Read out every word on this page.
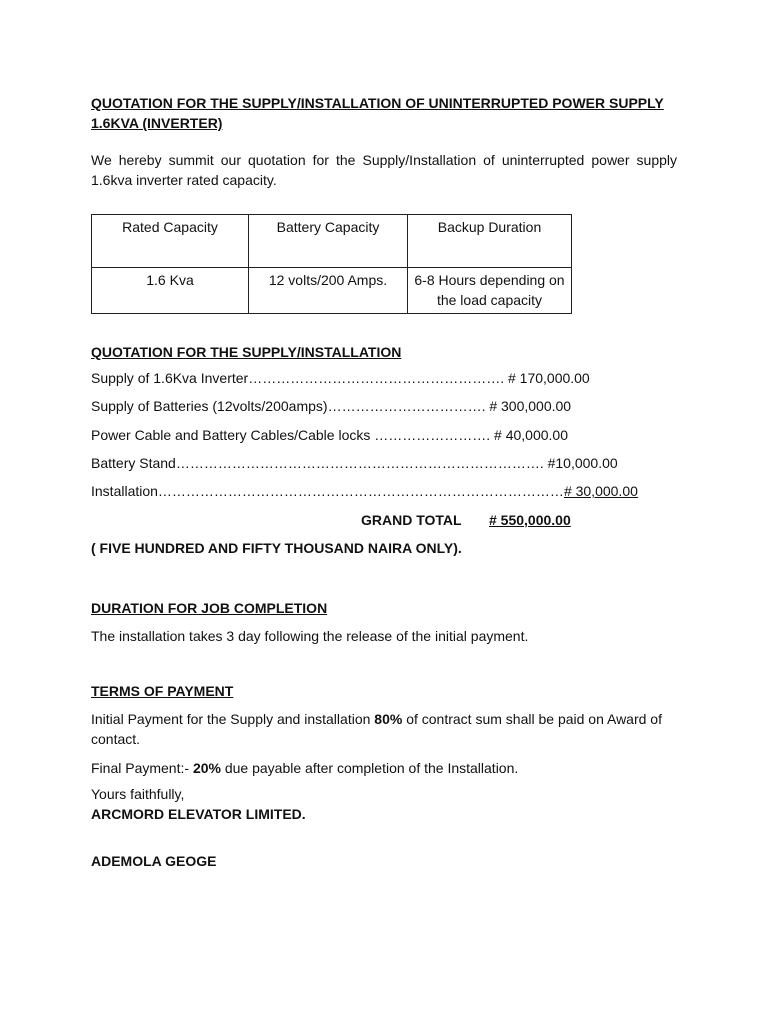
QUOTATION FOR THE SUPPLY/INSTALLATION OF UNINTERRUPTED POWER SUPPLY
1.6KVA (INVERTER)

We hereby summit our quotation for the Supply/Installation of uninterrupted power supply 1.6kva inverter rated capacity.

Rated Capacity	Battery Capacity	Backup Duration
1.6 Kva	12 volts/200 Amps.	6-8 Hours depending on the load capacity

QUOTATION FOR THE SUPPLY/INSTALLATION

Supply of 1.6Kva Inverter………………………………………………. # 170,000.00

Supply of Batteries (12volts/200amps)……………………………. # 300,000.00

Power Cable and Battery Cables/Cable locks ……………………. # 40,000.00

Battery Stand……………………………………………………………………. #10,000.00

Installation……………………………………………………………………………# 30,000.00

GRAND TOTAL # 550,000.00

( FIVE HUNDRED AND FIFTY THOUSAND NAIRA ONLY).

DURATION FOR JOB COMPLETION

The installation takes 3 day following the release of the initial payment.

TERMS OF PAYMENT

Initial Payment for the Supply and installation 80% of contract sum shall be paid on Award of contact.

Final Payment:- 20% due payable after completion of the Installation.

Yours faithfully,

ARCMORD ELEVATOR LIMITED.

ADEMOLA GEOGE
